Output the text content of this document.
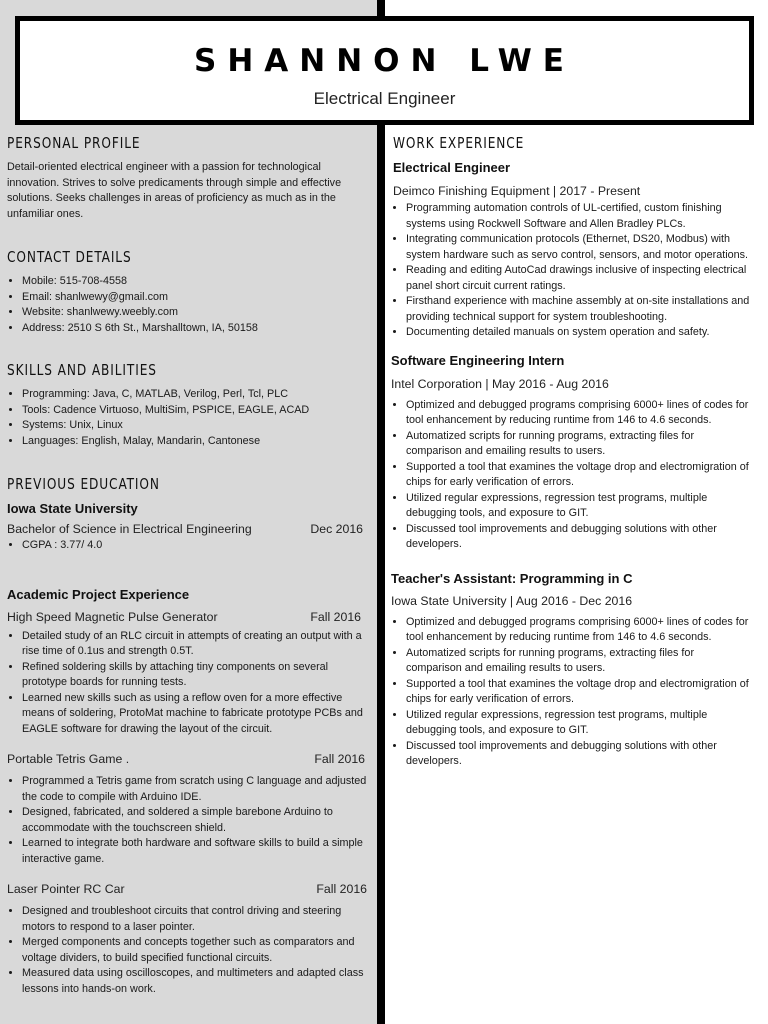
SHANNON LWE
Electrical Engineer
PERSONAL PROFILE

Detail-oriented electrical engineer with a passion for technological innovation. Strives to solve predicaments through simple and effective solutions. Seeks challenges in areas of proficiency as much as in the unfamiliar ones.

CONTACT DETAILS
• Mobile: 515-708-4558
• Email: shanlwewy@gmail.com
• Website: shanlwewy.weebly.com
• Address: 2510 S 6th St., Marshalltown, IA, 50158
SKILLS AND ABILITIES
• Programming: Java, C, MATLAB, Verilog, Perl, Tcl, PLC
• Tools: Cadence Virtuoso, MultiSim, PSPICE, EAGLE, ACAD
• Systems: Unix, Linux
• Languages: English, Malay, Mandarin, Cantonese
PREVIOUS EDUCATION
Iowa State University
Bachelor of Science in Electrical Engineering	Dec 2016
• CGPA : 3.77/ 4.0
Academic Project Experience
High Speed Magnetic Pulse Generator	Fall 2016
• Detailed study of an RLC circuit in attempts of creating an output with a rise time of 0.1us and strength 0.5T.
• Refined soldering skills by attaching tiny components on several prototype boards for running tests.
• Learned new skills such as using a reflow oven for a more effective means of soldering, ProtoMat machine to fabricate prototype PCBs and EAGLE software for drawing the layout of the circuit.
Portable Tetris Game .	Fall 2016
• Programmed a Tetris game from scratch using C language and adjusted the code to compile with Arduino IDE.
• Designed, fabricated, and soldered a simple barebone Arduino to accommodate with the touchscreen shield.
• Learned to integrate both hardware and software skills to build a simple interactive game.
Laser Pointer RC Car	Fall 2016
• Designed and troubleshoot circuits that control driving and steering motors to respond to a laser pointer.
• Merged components and concepts together such as comparators and voltage dividers, to build specified functional circuits.
• Measured data using oscilloscopes, and multimeters and adapted class lessons into hands-on work.
WORK EXPERIENCE
Electrical Engineer
Deimco Finishing Equipment | 2017 - Present
• Programming automation controls of UL-certified, custom finishing systems using Rockwell Software and Allen Bradley PLCs.
• Integrating communication protocols (Ethernet, DS20, Modbus) with system hardware such as servo control, sensors, and motor operations.
• Reading and editing AutoCad drawings inclusive of inspecting electrical panel short circuit current ratings.
• Firsthand experience with machine assembly at on-site installations and providing technical support for system troubleshooting.
• Documenting detailed manuals on system operation and safety.
Software Engineering Intern
Intel Corporation | May 2016 - Aug 2016
• Optimized and debugged programs comprising 6000+ lines of codes for tool enhancement by reducing runtime from 146 to 4.6 seconds.
• Automatized scripts for running programs, extracting files for comparison and emailing results to users.
• Supported a tool that examines the voltage drop and electromigration of chips for early verification of errors.
• Utilized regular expressions, regression test programs, multiple debugging tools, and exposure to GIT.
• Discussed tool improvements and debugging solutions with other developers.
Teacher's Assistant: Programming in C
Iowa State University | Aug 2016 - Dec 2016
• Optimized and debugged programs comprising 6000+ lines of codes for tool enhancement by reducing runtime from 146 to 4.6 seconds.
• Automatized scripts for running programs, extracting files for comparison and emailing results to users.
• Supported a tool that examines the voltage drop and electromigration of chips for early verification of errors.
• Utilized regular expressions, regression test programs, multiple debugging tools, and exposure to GIT.
• Discussed tool improvements and debugging solutions with other developers.
